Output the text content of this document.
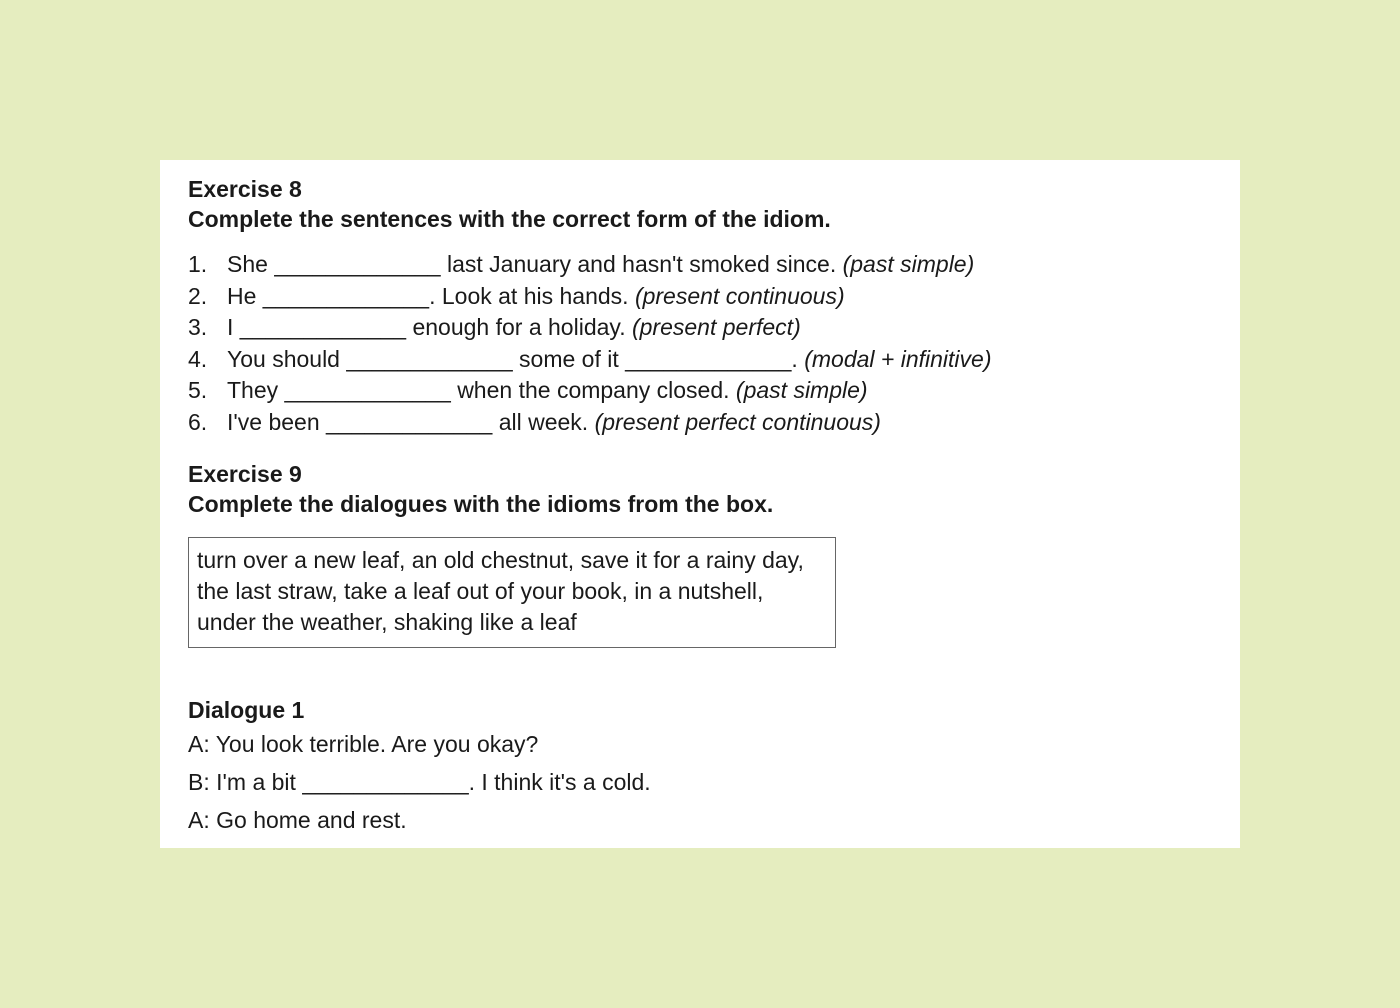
Exercise 8

Complete the sentences with the correct form of the idiom.

1. She _____________ last January and hasn't smoked since.
(past simple)
2. He _____________. Look at his hands.
(present continuous)
3. I _____________ enough for a holiday.
(present perfect)
4. You should _____________ some of it _____________.
(modal + infinitive)
5. They _____________ when the company closed.
(past simple)
6. I've been _____________ all week.
(present perfect continuous)

Exercise 9

Complete the dialogues with the idioms from the box.

turn over a new leaf, an old chestnut, save it for a rainy day, the last straw, take a leaf out of your book, in a nutshell, under the weather, shaking like a leaf

Dialogue 1

A: You look terrible. Are you okay?

B: I'm a bit _____________. I think it's a cold.

A: Go home and rest.
